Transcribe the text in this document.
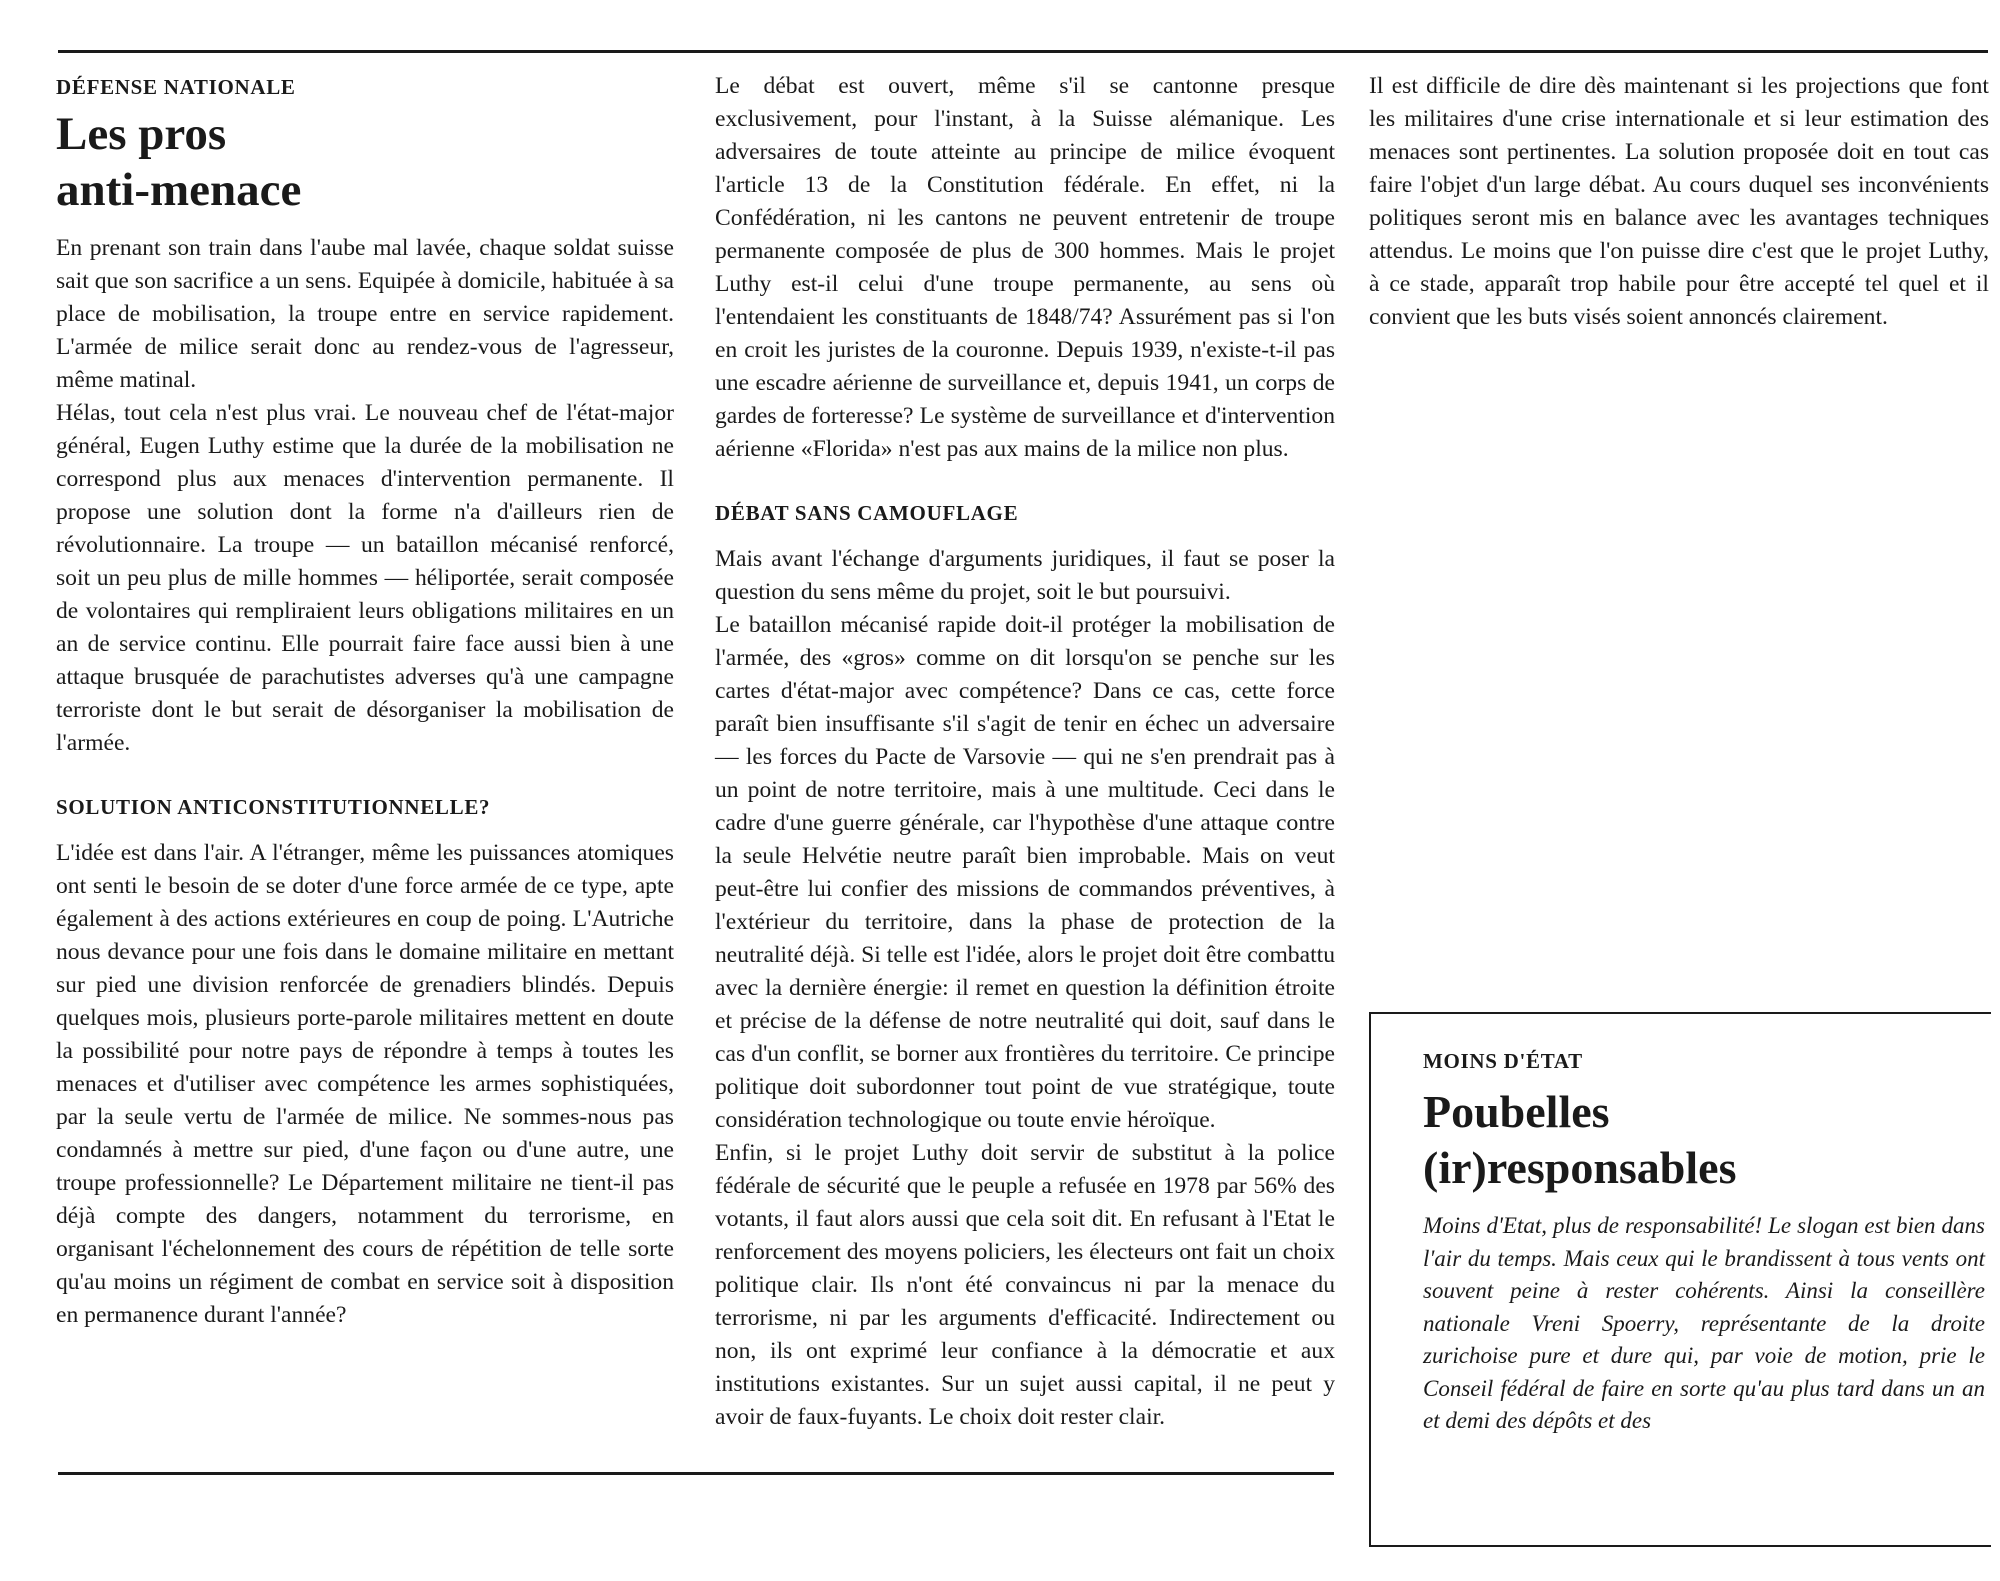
DÉFENSE NATIONALE

Les pros
anti-menace

En prenant son train dans l'aube mal lavée, chaque soldat suisse sait que son sacrifice a un sens. Equipée à domicile, habituée à sa place de mobilisation, la troupe entre en service rapidement. L'armée de milice serait donc au rendez-vous de l'agresseur, même matinal.

Hélas, tout cela n'est plus vrai. Le nouveau chef de l'état-major général, Eugen Luthy estime que la durée de la mobilisation ne correspond plus aux menaces d'intervention permanente. Il propose une solution dont la forme n'a d'ailleurs rien de révolutionnaire. La troupe — un bataillon mécanisé renforcé, soit un peu plus de mille hommes — héliportée, serait composée de volontaires qui rempliraient leurs obligations militaires en un an de service continu. Elle pourrait faire face aussi bien à une attaque brusquée de parachutistes adverses qu'à une campagne terroriste dont le but serait de désorganiser la mobilisation de l'armée.

SOLUTION ANTICONSTITUTIONNELLE?

L'idée est dans l'air. A l'étranger, même les puissances atomiques ont senti le besoin de se doter d'une force armée de ce type, apte également à des actions extérieures en coup de poing. L'Autriche nous devance pour une fois dans le domaine militaire en mettant sur pied une division renforcée de grenadiers blindés. Depuis quelques mois, plusieurs porte-parole militaires mettent en doute la possibilité pour notre pays de répondre à temps à toutes les menaces et d'utiliser avec compétence les armes sophistiquées, par la seule vertu de l'armée de milice. Ne sommes-nous pas condamnés à mettre sur pied, d'une façon ou d'une autre, une troupe professionnelle? Le Département militaire ne tient-il pas déjà compte des dangers, notamment du terrorisme, en organisant l'échelonnement des cours de répétition de telle sorte qu'au moins un régiment de combat en service soit à disposition en permanence durant l'année?

Le débat est ouvert, même s'il se cantonne presque exclusivement, pour l'instant, à la Suisse alémanique. Les adversaires de toute atteinte au principe de milice évoquent l'article 13 de la Constitution fédérale. En effet, ni la Confédération, ni les cantons ne peuvent entretenir de troupe permanente composée de plus de 300 hommes. Mais le projet Luthy est-il celui d'une troupe permanente, au sens où l'entendaient les constituants de 1848/74? Assurément pas si l'on en croit les juristes de la couronne. Depuis 1939, n'existe-t-il pas une escadre aérienne de surveillance et, depuis 1941, un corps de gardes de forteresse? Le système de surveillance et d'intervention aérienne «Florida» n'est pas aux mains de la milice non plus.

DÉBAT SANS CAMOUFLAGE

Mais avant l'échange d'arguments juridiques, il faut se poser la question du sens même du projet, soit le but poursuivi.

Le bataillon mécanisé rapide doit-il protéger la mobilisation de l'armée, des «gros» comme on dit lorsqu'on se penche sur les cartes d'état-major avec compétence? Dans ce cas, cette force paraît bien insuffisante s'il s'agit de tenir en échec un adversaire — les forces du Pacte de Varsovie — qui ne s'en prendrait pas à un point de notre territoire, mais à une multitude. Ceci dans le cadre d'une guerre générale, car l'hypothèse d'une attaque contre la seule Helvétie neutre paraît bien improbable. Mais on veut peut-être lui confier des missions de commandos préventives, à l'extérieur du territoire, dans la phase de protection de la neutralité déjà. Si telle est l'idée, alors le projet doit être combattu avec la dernière énergie: il remet en question la définition étroite et précise de la défense de notre neutralité qui doit, sauf dans le cas d'un conflit, se borner aux frontières du territoire. Ce principe politique doit subordonner tout point de vue stratégique, toute considération technologique ou toute envie héroïque.

Enfin, si le projet Luthy doit servir de substitut à la police fédérale de sécurité que le peuple a refusée en 1978 par 56% des votants, il faut alors aussi que cela soit dit. En refusant à l'Etat le renforcement des moyens policiers, les électeurs ont fait un choix politique clair. Ils n'ont été convaincus ni par la menace du terrorisme, ni par les arguments d'efficacité. Indirectement ou non, ils ont exprimé leur confiance à la démocratie et aux institutions existantes. Sur un sujet aussi capital, il ne peut y avoir de faux-fuyants. Le choix doit rester clair.

Il est difficile de dire dès maintenant si les projections que font les militaires d'une crise internationale et si leur estimation des menaces sont pertinentes. La solution proposée doit en tout cas faire l'objet d'un large débat. Au cours duquel ses inconvénients politiques seront mis en balance avec les avantages techniques attendus. Le moins que l'on puisse dire c'est que le projet Luthy, à ce stade, apparaît trop habile pour être accepté tel quel et il convient que les buts visés soient annoncés clairement.

MOINS D'ÉTAT

Poubelles
(ir)responsables

Moins d'Etat, plus de responsabilité! Le slogan est bien dans l'air du temps. Mais ceux qui le brandissent à tous vents ont souvent peine à rester cohérents. Ainsi la conseillère nationale Vreni Spoerry, représentante de la droite zurichoise pure et dure qui, par voie de motion, prie le Conseil fédéral de faire en sorte qu'au plus tard dans un an et demi des dépôts et des
